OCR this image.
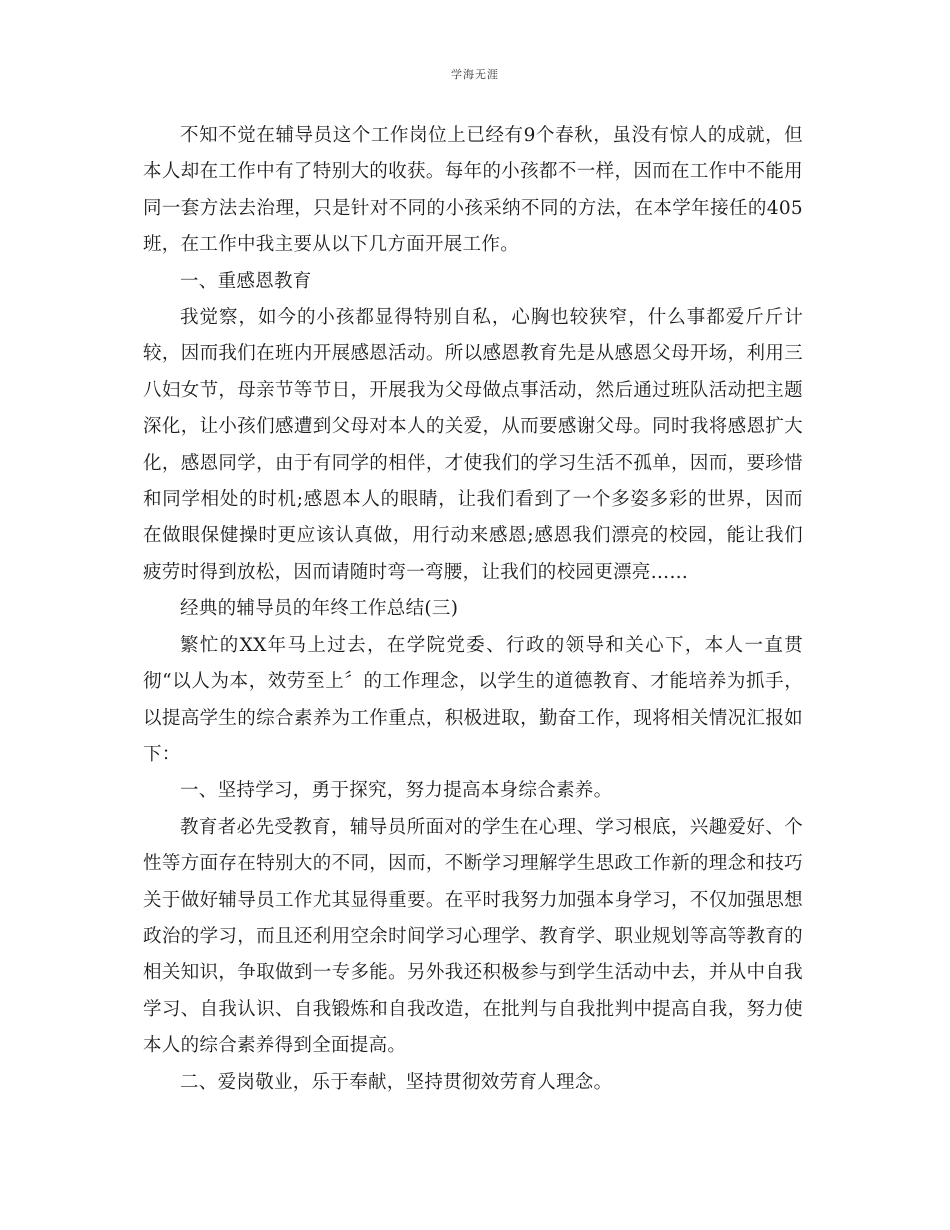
学海无涯

不知不觉在辅导员这个工作岗位上已经有9个春秋，虽没有惊人的成就，但本人却在工作中有了特别大的收获。每年的小孩都不一样，因而在工作中不能用同一套方法去治理，只是针对不同的小孩采纳不同的方法，在本学年接任的405班，在工作中我主要从以下几方面开展工作。

一、重感恩教育

我觉察，如今的小孩都显得特别自私，心胸也较狭窄，什么事都爱斤斤计较，因而我们在班内开展感恩活动。所以感恩教育先是从感恩父母开场，利用三八妇女节，母亲节等节日，开展我为父母做点事活动，然后通过班队活动把主题深化，让小孩们感遭到父母对本人的关爱，从而要感谢父母。同时我将感恩扩大化，感恩同学，由于有同学的相伴，才使我们的学习生活不孤单，因而，要珍惜和同学相处的时机;感恩本人的眼睛，让我们看到了一个多姿多彩的世界，因而在做眼保健操时更应该认真做，用行动来感恩;感恩我们漂亮的校园，能让我们疲劳时得到放松，因而请随时弯一弯腰，让我们的校园更漂亮……

经典的辅导员的年终工作总结(三)

繁忙的XX年马上过去，在学院党委、行政的领导和关心下，本人一直贯彻“以人为本，效劳至上〞的工作理念，以学生的道德教育、才能培养为抓手，以提高学生的综合素养为工作重点，积极进取，勤奋工作，现将相关情况汇报如下：

一、坚持学习，勇于探究，努力提高本身综合素养。

教育者必先受教育，辅导员所面对的学生在心理、学习根底，兴趣爱好、个性等方面存在特别大的不同，因而，不断学习理解学生思政工作新的理念和技巧关于做好辅导员工作尤其显得重要。在平时我努力加强本身学习，不仅加强思想政治的学习，而且还利用空余时间学习心理学、教育学、职业规划等高等教育的相关知识，争取做到一专多能。另外我还积极参与到学生活动中去，并从中自我学习、自我认识、自我锻炼和自我改造，在批判与自我批判中提高自我，努力使本人的综合素养得到全面提高。

二、爱岗敬业，乐于奉献，坚持贯彻效劳育人理念。
